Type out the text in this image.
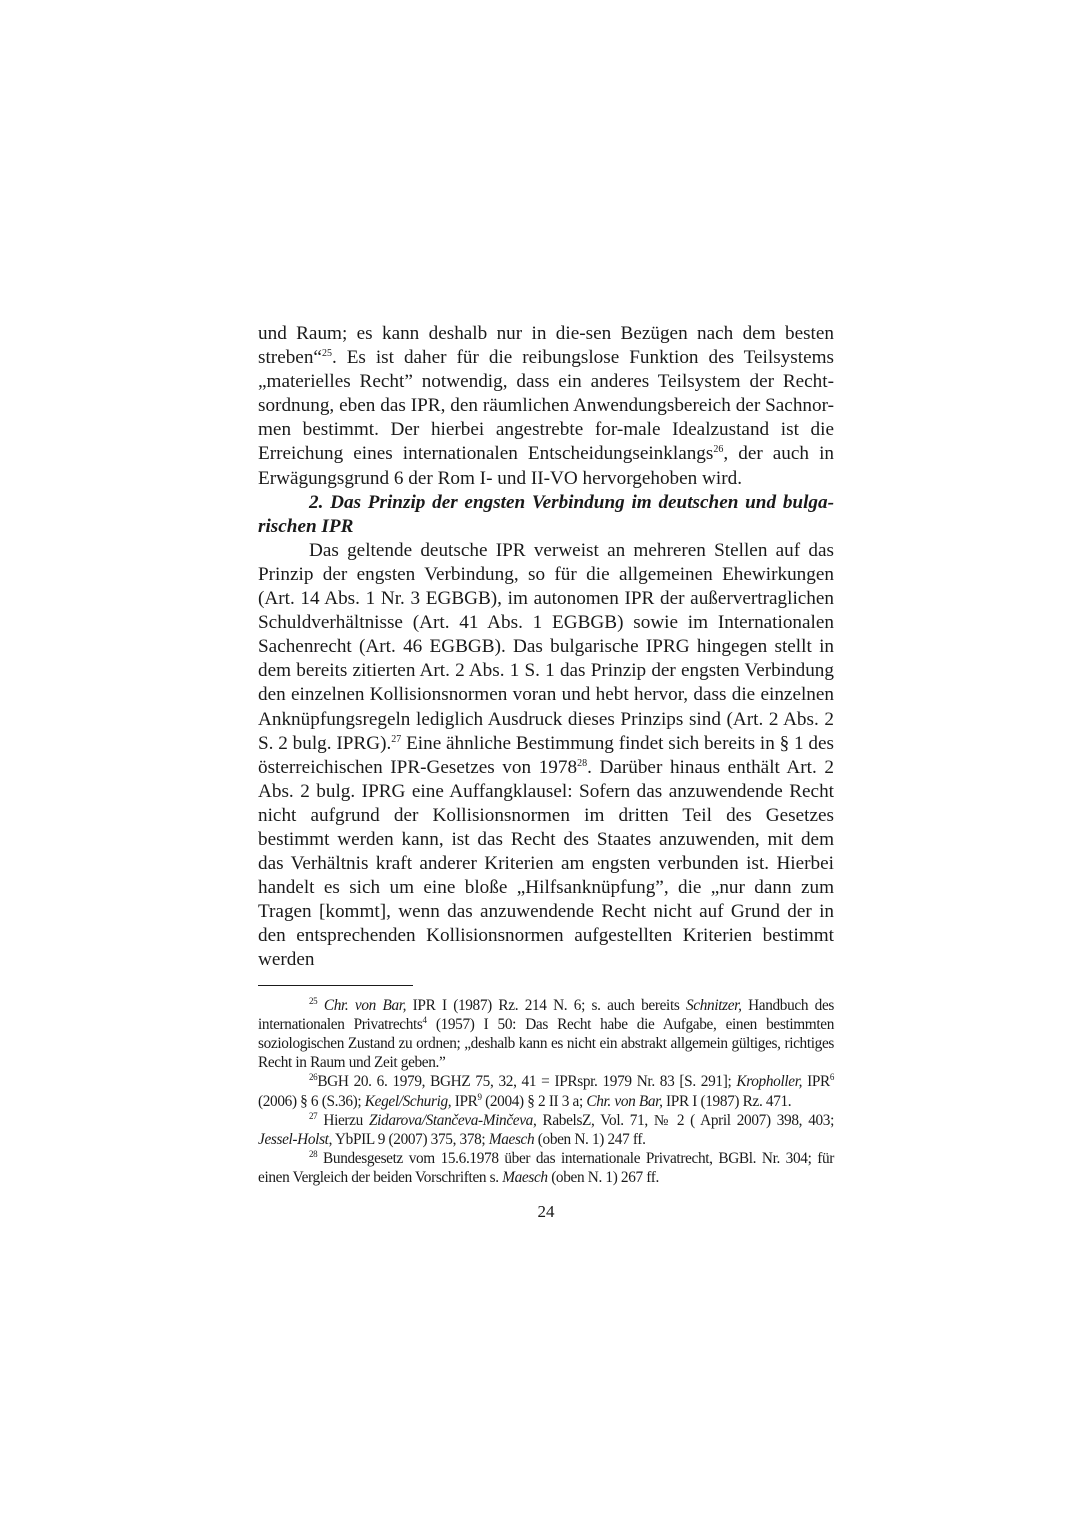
und Raum; es kann deshalb nur in die-sen Bezügen nach dem besten streben“$^{25}$. Es ist daher für die reibungslose Funktion des Teilsystems „materielles Recht” notwendig, dass ein anderes Teilsystem der Recht-sordnung, eben das IPR, den räumlichen Anwendungsbereich der Sachnor-men bestimmt. Der hierbei angestrebte for-male Idealzustand ist die Erreichung eines internationalen Entscheidungseinklangs$^{26}$, der auch in Erwägungsgrund 6 der Rom I- und II-VO hervorgehoben wird.

2. Das Prinzip der engsten Verbindung im deutschen und bulga-rischen IPR

Das geltende deutsche IPR verweist an mehreren Stellen auf das Prinzip der engsten Verbindung, so für die allgemeinen Ehewirkungen (Art. 14 Abs. 1 Nr. 3 EGBGB), im autonomen IPR der außervertraglichen Schuldverhältnisse (Art. 41 Abs. 1 EGBGB) sowie im Internationalen Sachenrecht (Art. 46 EGBGB). Das bulgarische IPRG hingegen stellt in dem bereits zitierten Art. 2 Abs. 1 S. 1 das Prinzip der engsten Verbindung den einzelnen Kollisionsnormen voran und hebt hervor, dass die einzelnen Anknüpfungsregeln lediglich Ausdruck dieses Prinzips sind (Art. 2 Abs. 2 S. 2 bulg. IPRG).$^{27}$ Eine ähnliche Bestimmung findet sich bereits in § 1 des österreichischen IPR-Gesetzes von 1978$^{28}$. Darüber hinaus enthält Art. 2 Abs. 2 bulg. IPRG eine Auffangklausel: Sofern das anzuwendende Recht nicht aufgrund der Kollisionsnormen im dritten Teil des Gesetzes bestimmt werden kann, ist das Recht des Staates anzuwenden, mit dem das Verhältnis kraft anderer Kriterien am engsten verbunden ist. Hierbei handelt es sich um eine bloße „Hilfsanknüpfung”, die „nur dann zum Tragen [kommt], wenn das anzuwendende Recht nicht auf Grund der in den entsprechenden Kollisionsnormen aufgestellten Kriterien bestimmt werden

$^{25}$ Chr. von Bar, IPR I (1987) Rz. 214 N. 6; s. auch bereits Schnitzer, Handbuch des internationalen Privatrechts$^4$ (1957) I 50: Das Recht habe die Aufgabe, einen bestimmten soziologischen Zustand zu ordnen; „deshalb kann es nicht ein abstrakt allgemein gültiges, richtiges Recht in Raum und Zeit geben.”

$^{26}$BGH 20. 6. 1979, BGHZ 75, 32, 41 = IPRspr. 1979 Nr. 83 [S. 291]; Kropholler, IPR$^6$ (2006) § 6 (S.36); Kegel/Schurig, IPR$^9$ (2004) § 2 II 3 a; Chr. von Bar, IPR I (1987) Rz. 471.

$^{27}$ Hierzu Zidarova/Stančeva-Minčeva, RabelsZ, Vol. 71, № 2 ( April 2007) 398, 403; Jessel-Holst, YbPIL 9 (2007) 375, 378; Maesch (oben N. 1) 247 ff.

$^{28}$ Bundesgesetz vom 15.6.1978 über das internationale Privatrecht, BGBl. Nr. 304; für einen Vergleich der beiden Vorschriften s. Maesch (oben N. 1) 267 ff.

24
